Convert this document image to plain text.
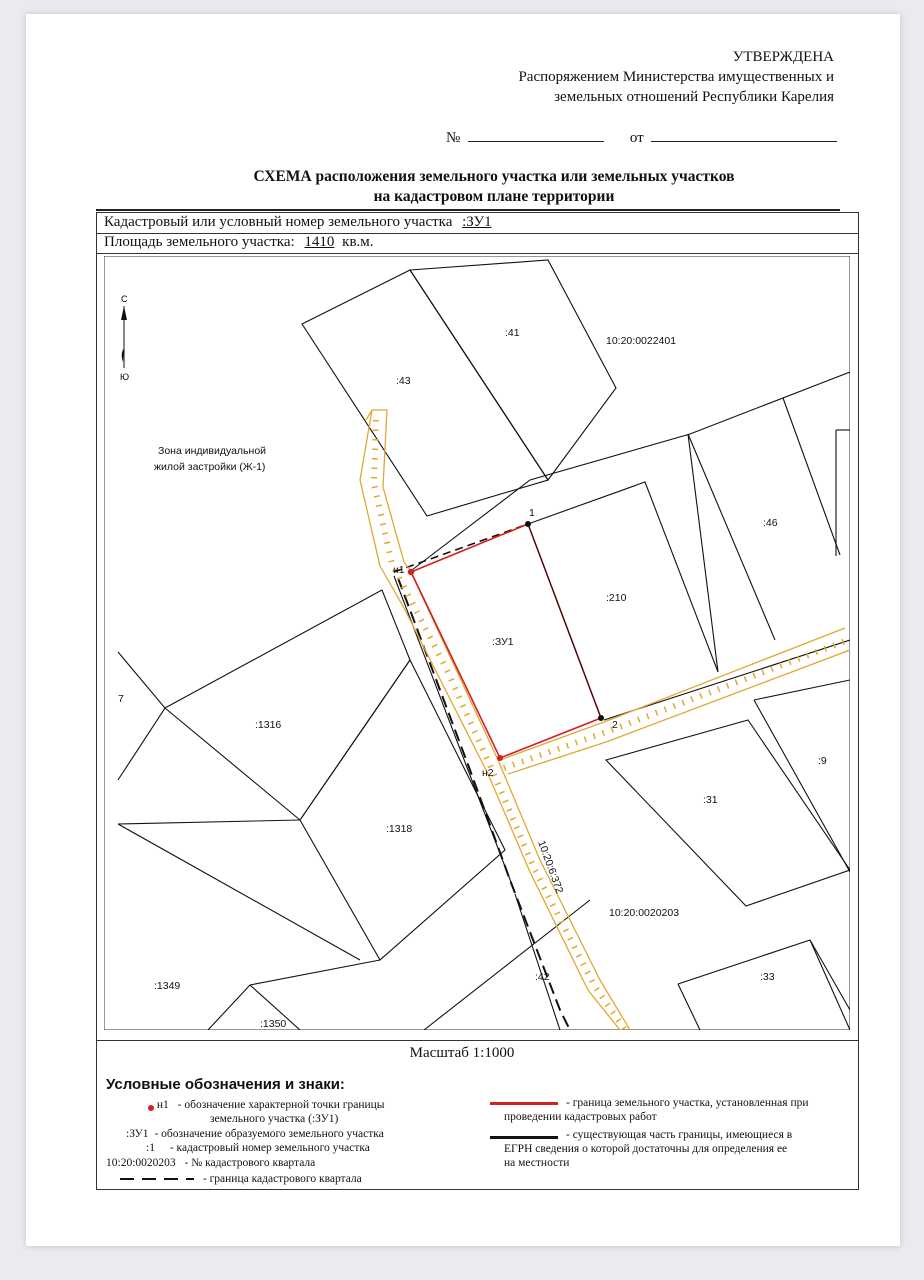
УТВЕРЖДЕНА
Распоряжением Министерства имущественных и
земельных отношений Республики Карелия
№	от
СХЕМА расположения земельного участка или земельных участков
на кадастровом плане территории
Кадастровый или условный номер земельного участка :ЗУ1
Площадь земельного участка: 1410 кв.м.
С
Ю
Зона индивидуальной
жилой застройки (Ж-1)
:41
:43
:46
:210
:ЗУ1
:1316
:1318
:9
:31
:42	:33
:1349
:1350
7
10:20:0022401
10:20:0020203
10:20:6:372
н1
1
2
н2
Масштаб 1:1000
Условные обозначения и знаки:
н1 - обозначение характерной точки границы
земельного участка (:ЗУ1)
:ЗУ1 - обозначение образуемого земельного участка
:1 - кадастровый номер земельного участка
10:20:0020203 - № кадастрового квартала
- граница кадастрового квартала
- граница земельного участка, установленная при
проведении кадастровых работ
- существующая часть границы, имеющиеся в
ЕГРН сведения о которой достаточны для определения ее
на местности
